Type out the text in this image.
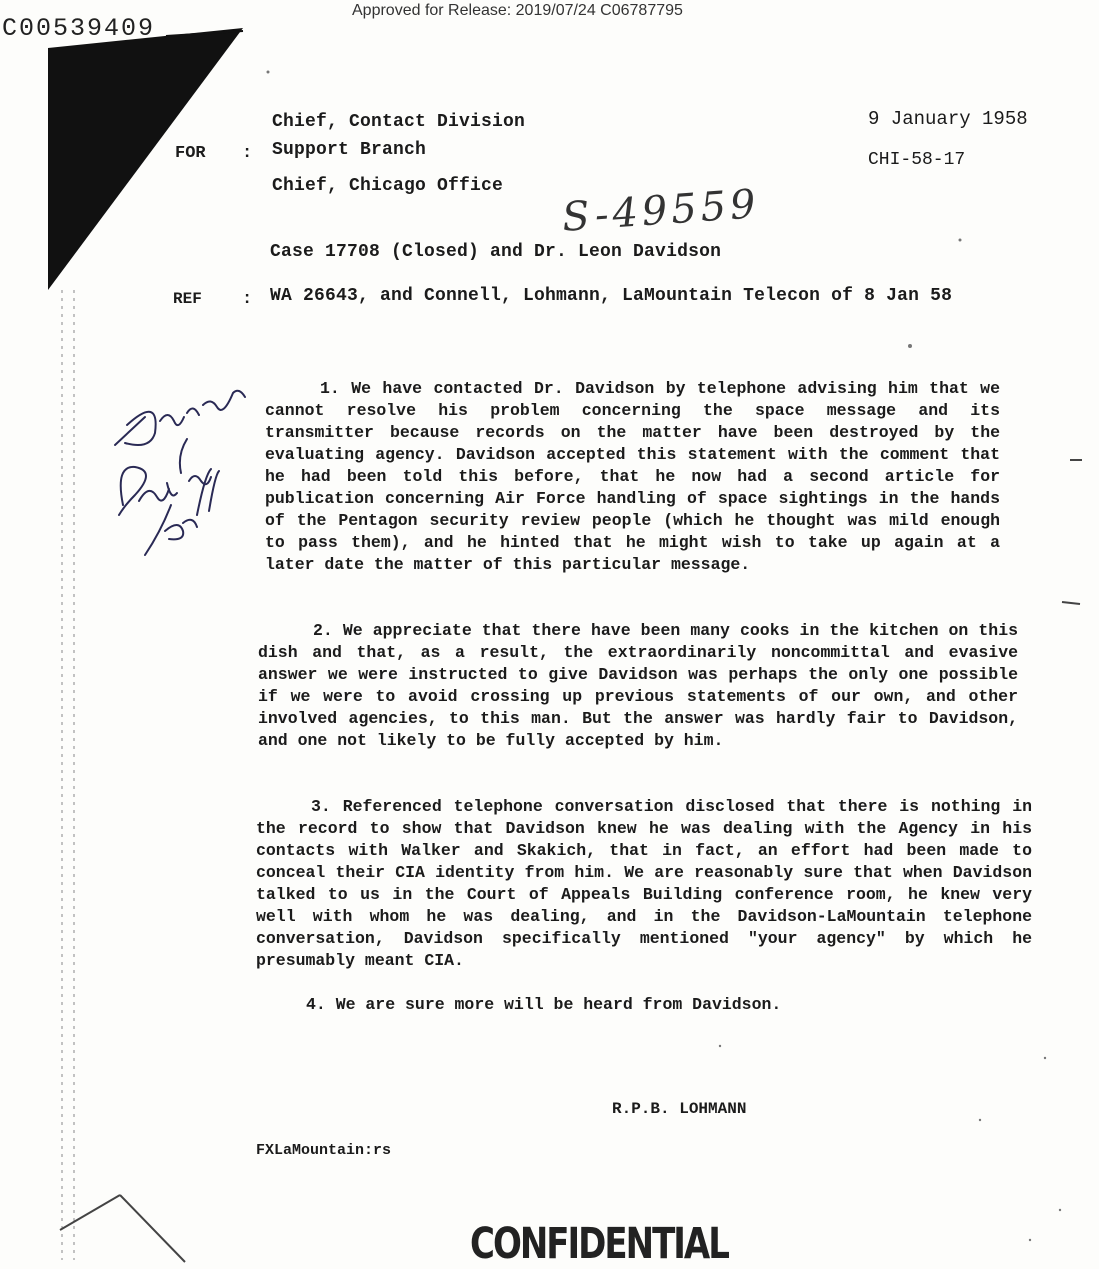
Approved for Release: 2019/07/24 C06787795
C00539409
FOR :
Chief, Contact Division
Support Branch
Chief, Chicago Office
9 January 1958
CHI-58-17
S-49559
Case 17708 (Closed) and Dr. Leon Davidson
REF : WA 26643, and Connell, Lohmann, LaMountain Telecon of 8 Jan 58
1. We have contacted Dr. Davidson by telephone advising him that we cannot resolve his problem concerning the space message and its transmitter because records on the matter have been destroyed by the evaluating agency. Davidson accepted this statement with the comment that he had been told this before, that he now had a second article for publication concerning Air Force handling of space sightings in the hands of the Pentagon security review people (which he thought was mild enough to pass them), and he hinted that he might wish to take up again at a later date the matter of this particular message.
2. We appreciate that there have been many cooks in the kitchen on this dish and that, as a result, the extraordinarily noncommittal and evasive answer we were instructed to give Davidson was perhaps the only one possible if we were to avoid crossing up previous statements of our own, and other involved agencies, to this man. But the answer was hardly fair to Davidson, and one not likely to be fully accepted by him.
3. Referenced telephone conversation disclosed that there is nothing in the record to show that Davidson knew he was dealing with the Agency in his contacts with Walker and Skakich, that in fact, an effort had been made to conceal their CIA identity from him. We are reasonably sure that when Davidson talked to us in the Court of Appeals Building conference room, he knew very well with whom he was dealing, and in the Davidson-LaMountain telephone conversation, Davidson specifically mentioned "your agency" by which he presumably meant CIA.
4. We are sure more will be heard from Davidson.
R.P.B. LOHMANN
FXLaMountain:rs
CONFIDENTIAL
